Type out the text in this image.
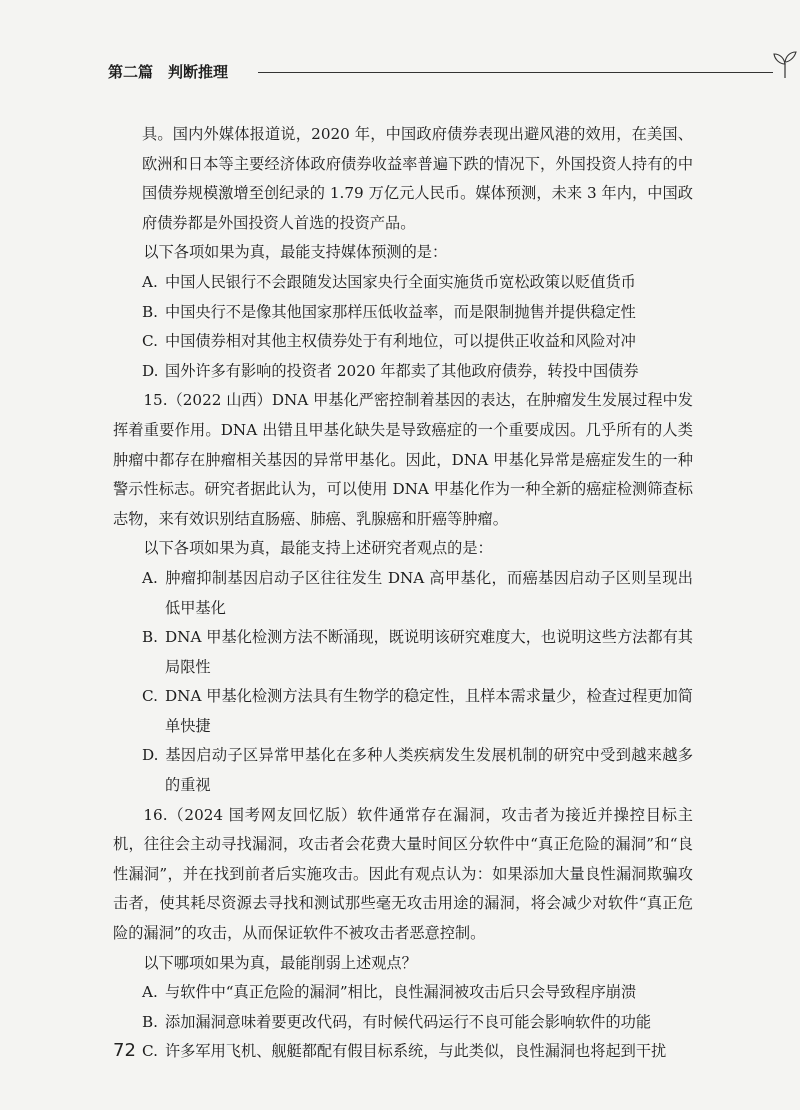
第二篇　判断推理

具。国内外媒体报道说，2020 年，中国政府债券表现出避风港的效用，在美国、欧洲和日本等主要经济体政府债券收益率普遍下跌的情况下，外国投资人持有的中国债券规模激增至创纪录的 1.79 万亿元人民币。媒体预测，未来 3 年内，中国政府债券都是外国投资人首选的投资产品。

以下各项如果为真，最能支持媒体预测的是：

A. 中国人民银行不会跟随发达国家央行全面实施货币宽松政策以贬值货币

B. 中国央行不是像其他国家那样压低收益率，而是限制抛售并提供稳定性

C. 中国债券相对其他主权债券处于有利地位，可以提供正收益和风险对冲

D. 国外许多有影响的投资者 2020 年都卖了其他政府债券，转投中国债券

15.（2022 山西）DNA 甲基化严密控制着基因的表达，在肿瘤发生发展过程中发挥着重要作用。DNA 出错且甲基化缺失是导致癌症的一个重要成因。几乎所有的人类肿瘤中都存在肿瘤相关基因的异常甲基化。因此，DNA 甲基化异常是癌症发生的一种警示性标志。研究者据此认为，可以使用 DNA 甲基化作为一种全新的癌症检测筛查标志物，来有效识别结直肠癌、肺癌、乳腺癌和肝癌等肿瘤。

以下各项如果为真，最能支持上述研究者观点的是：

A. 肿瘤抑制基因启动子区往往发生 DNA 高甲基化，而癌基因启动子区则呈现出低甲基化

B. DNA 甲基化检测方法不断涌现，既说明该研究难度大，也说明这些方法都有其局限性

C. DNA 甲基化检测方法具有生物学的稳定性，且样本需求量少，检查过程更加简单快捷

D. 基因启动子区异常甲基化在多种人类疾病发生发展机制的研究中受到越来越多的重视

16.（2024 国考网友回忆版）软件通常存在漏洞，攻击者为接近并操控目标主机，往往会主动寻找漏洞，攻击者会花费大量时间区分软件中“真正危险的漏洞”和“良性漏洞”，并在找到前者后实施攻击。因此有观点认为：如果添加大量良性漏洞欺骗攻击者，使其耗尽资源去寻找和测试那些毫无攻击用途的漏洞，将会减少对软件“真正危险的漏洞”的攻击，从而保证软件不被攻击者恶意控制。

以下哪项如果为真，最能削弱上述观点？

A. 与软件中“真正危险的漏洞”相比，良性漏洞被攻击后只会导致程序崩溃

B. 添加漏洞意味着要更改代码，有时候代码运行不良可能会影响软件的功能

C. 许多军用飞机、舰艇都配有假目标系统，与此类似，良性漏洞也将起到干扰

72
